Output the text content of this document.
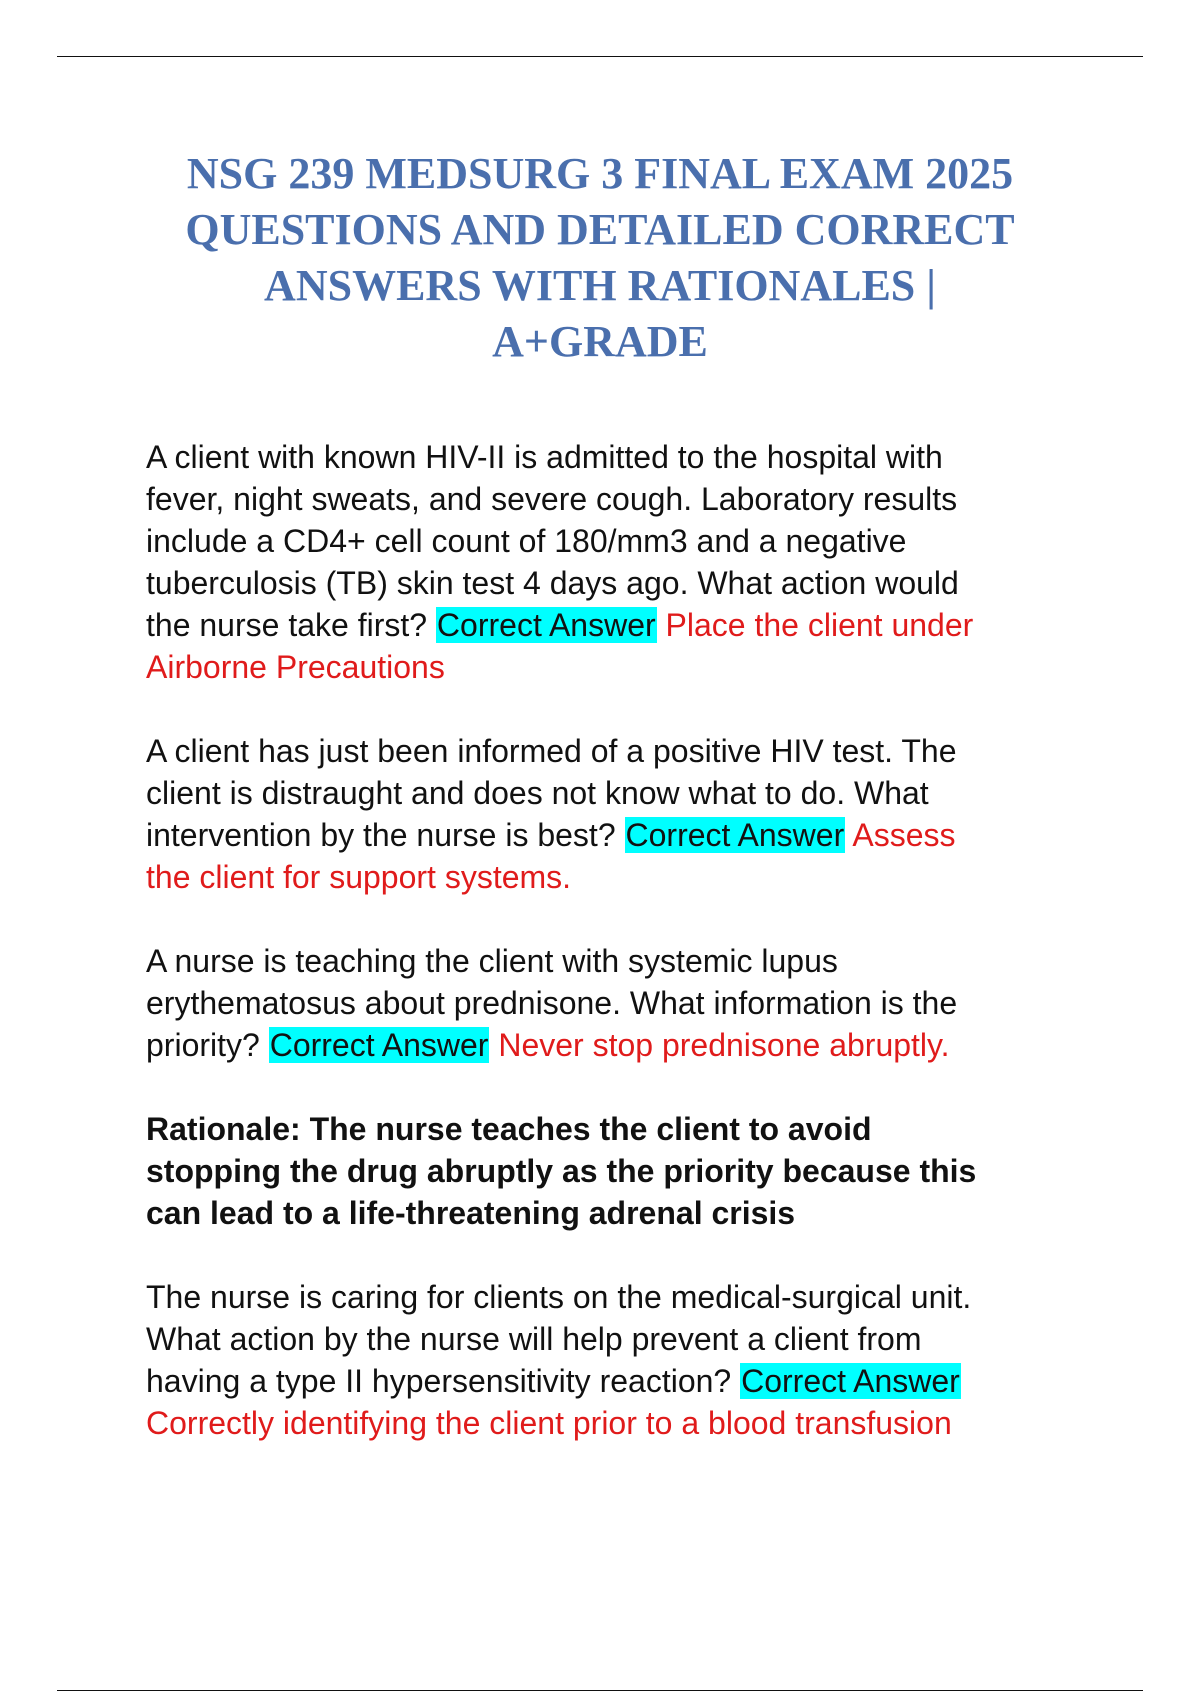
NSG 239 MEDSURG 3 FINAL EXAM 2025
QUESTIONS AND DETAILED CORRECT
ANSWERS WITH RATIONALES |
A+GRADE

A client with known HIV-II is admitted to the hospital with
fever, night sweats, and severe cough. Laboratory results
include a CD4+ cell count of 180/mm3 and a negative
tuberculosis (TB) skin test 4 days ago. What action would
the nurse take first? Correct Answer Place the client under
Airborne Precautions

A client has just been informed of a positive HIV test. The
client is distraught and does not know what to do. What
intervention by the nurse is best? Correct Answer Assess
the client for support systems.

A nurse is teaching the client with systemic lupus
erythematosus about prednisone. What information is the
priority? Correct Answer Never stop prednisone abruptly.

Rationale: The nurse teaches the client to avoid
stopping the drug abruptly as the priority because this
can lead to a life-threatening adrenal crisis

The nurse is caring for clients on the medical-surgical unit.
What action by the nurse will help prevent a client from
having a type II hypersensitivity reaction? Correct Answer
Correctly identifying the client prior to a blood transfusion
